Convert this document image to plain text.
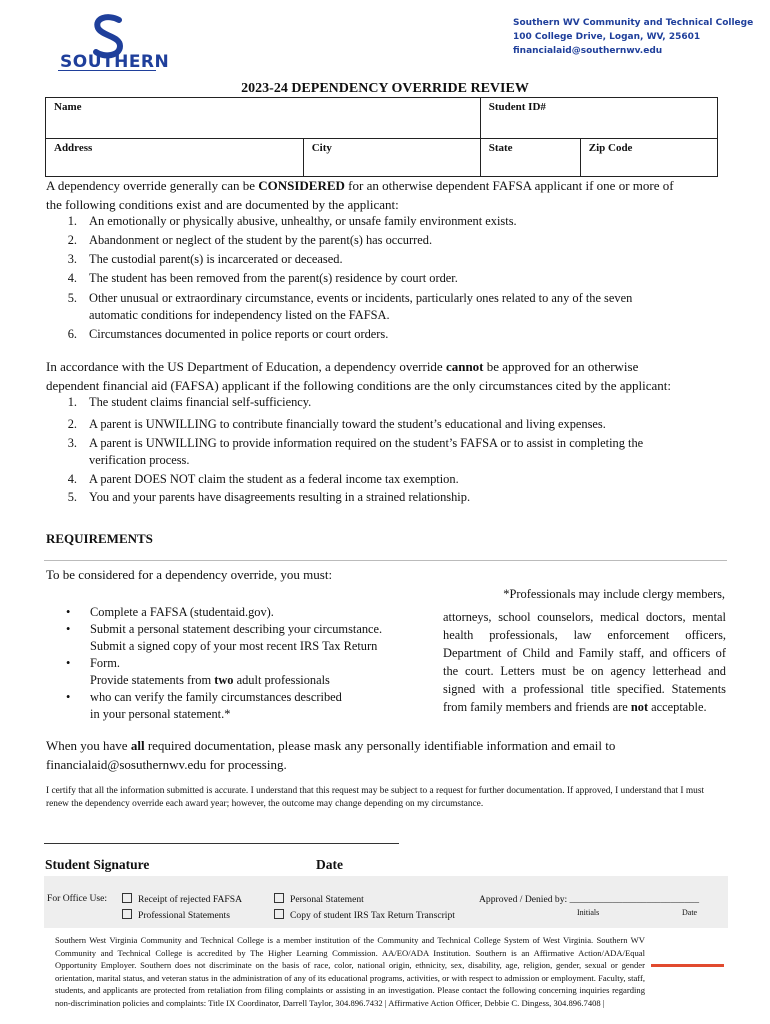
SOUTHERN
Southern WV Community and Technical College
100 College Drive, Logan, WV, 25601
financialaid@southernwv.edu
2023-24 DEPENDENCY OVERRIDE REVIEW
Name		Student ID#	
Address	City	State	Zip Code
A dependency override generally can be CONSIDERED for an otherwise dependent FAFSA applicant if one or more of
the following conditions exist and are documented by the applicant:
1. An emotionally or physically abusive, unhealthy, or unsafe family environment exists.
2. Abandonment or neglect of the student by the parent(s) has occurred.
3. The custodial parent(s) is incarcerated or deceased.
4. The student has been removed from the parent(s) residence by court order.
5. Other unusual or extraordinary circumstance, events or incidents, particularly ones related to any of the seven
automatic conditions for independency listed on the FAFSA.
6. Circumstances documented in police reports or court orders.
In accordance with the US Department of Education, a dependency override cannot be approved for an otherwise
dependent financial aid (FAFSA) applicant if the following conditions are the only circumstances cited by the applicant:
1. The student claims financial self-sufficiency.
2. A parent is UNWILLING to contribute financially toward the student’s educational and living expenses.
3. A parent is UNWILLING to provide information required on the student’s FAFSA or to assist in completing the
verification process.
4. A parent DOES NOT claim the student as a federal income tax exemption.
5. You and your parents have disagreements resulting in a strained relationship.
REQUIREMENTS
To be considered for a dependency override, you must:
• Complete a FAFSA (studentaid.gov).
• Submit a personal statement describing your circumstance.
Submit a signed copy of your most recent IRS Tax Return
• Form.
Provide statements from two adult professionals
• who can verify the family circumstances described
in your personal statement.*
*Professionals may include clergy members,
attorneys, school counselors, medical doctors, mental health professionals, law enforcement officers, Department of Child and Family staff, and officers of the court. Letters must be on agency letterhead and signed with a professional title specified. Statements from family members and friends are not acceptable.
When you have all required documentation, please mask any personally identifiable information and email to
financialaid@sosuthernwv.edu for processing.
I certify that all the information submitted is accurate. I understand that this request may be subject to a request for further documentation. If approved, I understand that I must renew the dependency override each award year; however, the outcome may change depending on my circumstance.
Student Signature	Date
For Office Use:	Receipt of rejected FAFSA	Personal Statement
Professional Statements	Copy of student IRS Tax Return Transcript
Approved / Denied by: ___________________________
Initials	Date
Southern West Virginia Community and Technical College is a member institution of the Community and Technical College System of West Virginia. Southern WV Community and Technical College is accredited by The Higher Learning Commission. AA/EO/ADA Institution. Southern is an Affirmative Action/ADA/Equal Opportunity Employer. Southern does not discriminate on the basis of race, color, national origin, ethnicity, sex, disability, age, religion, gender, sexual or gender orientation, marital status, and veteran status in the administration of any of its educational programs, activities, or with respect to admission or employment. Faculty, staff, students, and applicants are protected from retaliation from filing complaints or assisting in an investigation. Please contact the following concerning inquiries regarding non-discrimination policies and complaints: Title IX Coordinator, Darrell Taylor, 304.896.7432 | Affirmative Action Officer, Debbie C. Dingess, 304.896.7408 |
